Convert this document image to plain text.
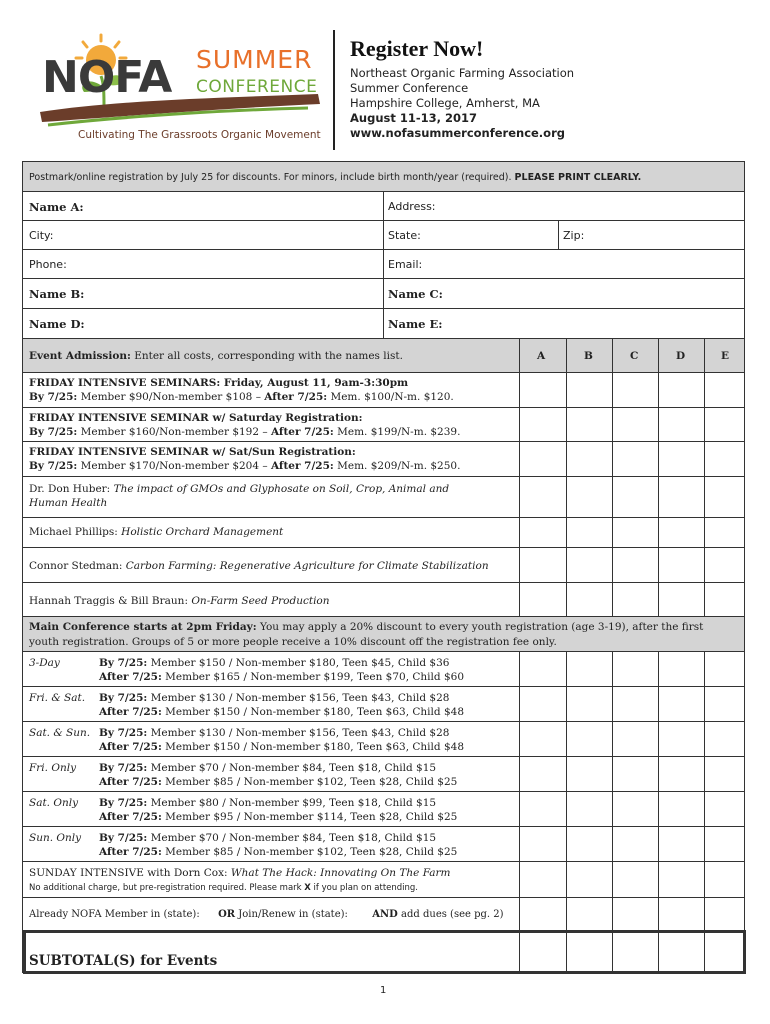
NOFA SUMMER
CONFERENCE
Cultivating The Grassroots Organic Movement
Register Now!
Northeast Organic Farming Association
Summer Conference
Hampshire College, Amherst, MA
August 11-13, 2017
www.nofasummerconference.org
Postmark/online registration by July 25 for discounts. For minors, include birth month/year (required). PLEASE PRINT CLEARLY.
Name A:	Address:
City:	State:	Zip:
Phone:	Email:
Name B:	Name C:
Name D:	Name E:
Event Admission: Enter all costs, corresponding with the names list.	A	B	C	D	E
FRIDAY INTENSIVE SEMINARS: Friday, August 11, 9am-3:30pm
By 7/25: Member $90/Non-member $108 – After 7/25: Mem. $100/N-m. $120.
FRIDAY INTENSIVE SEMINAR w/ Saturday Registration:
By 7/25: Member $160/Non-member $192 – After 7/25: Mem. $199/N-m. $239.
FRIDAY INTENSIVE SEMINAR w/ Sat/Sun Registration:
By 7/25: Member $170/Non-member $204 – After 7/25: Mem. $209/N-m. $250.
Dr. Don Huber: The impact of GMOs and Glyphosate on Soil, Crop, Animal and
Human Health
Michael Phillips: Holistic Orchard Management
Connor Stedman: Carbon Farming: Regenerative Agriculture for Climate Stabilization
Hannah Traggis & Bill Braun: On-Farm Seed Production
Main Conference starts at 2pm Friday: You may apply a 20% discount to every youth registration (age 3-19), after the first
youth registration. Groups of 5 or more people receive a 10% discount off the registration fee only.
3-Day	By 7/25: Member $150 / Non-member $180, Teen $45, Child $36
After 7/25: Member $165 / Non-member $199, Teen $70, Child $60
Fri. & Sat. By 7/25: Member $130 / Non-member $156, Teen $43, Child $28
After 7/25: Member $150 / Non-member $180, Teen $63, Child $48
Sat. & Sun. By 7/25: Member $130 / Non-member $156, Teen $43, Child $28
After 7/25: Member $150 / Non-member $180, Teen $63, Child $48
Fri. Only By 7/25: Member $70 / Non-member $84, Teen $18, Child $15
After 7/25: Member $85 / Non-member $102, Teen $28, Child $25
Sat. Only By 7/25: Member $80 / Non-member $99, Teen $18, Child $15
After 7/25: Member $95 / Non-member $114, Teen $28, Child $25
Sun. Only By 7/25: Member $70 / Non-member $84, Teen $18, Child $15
After 7/25: Member $85 / Non-member $102, Teen $28, Child $25
SUNDAY INTENSIVE with Dorn Cox: What The Hack: Innovating On The Farm
No additional charge, but pre-registration required. Please mark X if you plan on attending.
Already NOFA Member in (state): OR Join/Renew in (state): AND add dues (see pg. 2)
SUBTOTAL(S) for Events
1
